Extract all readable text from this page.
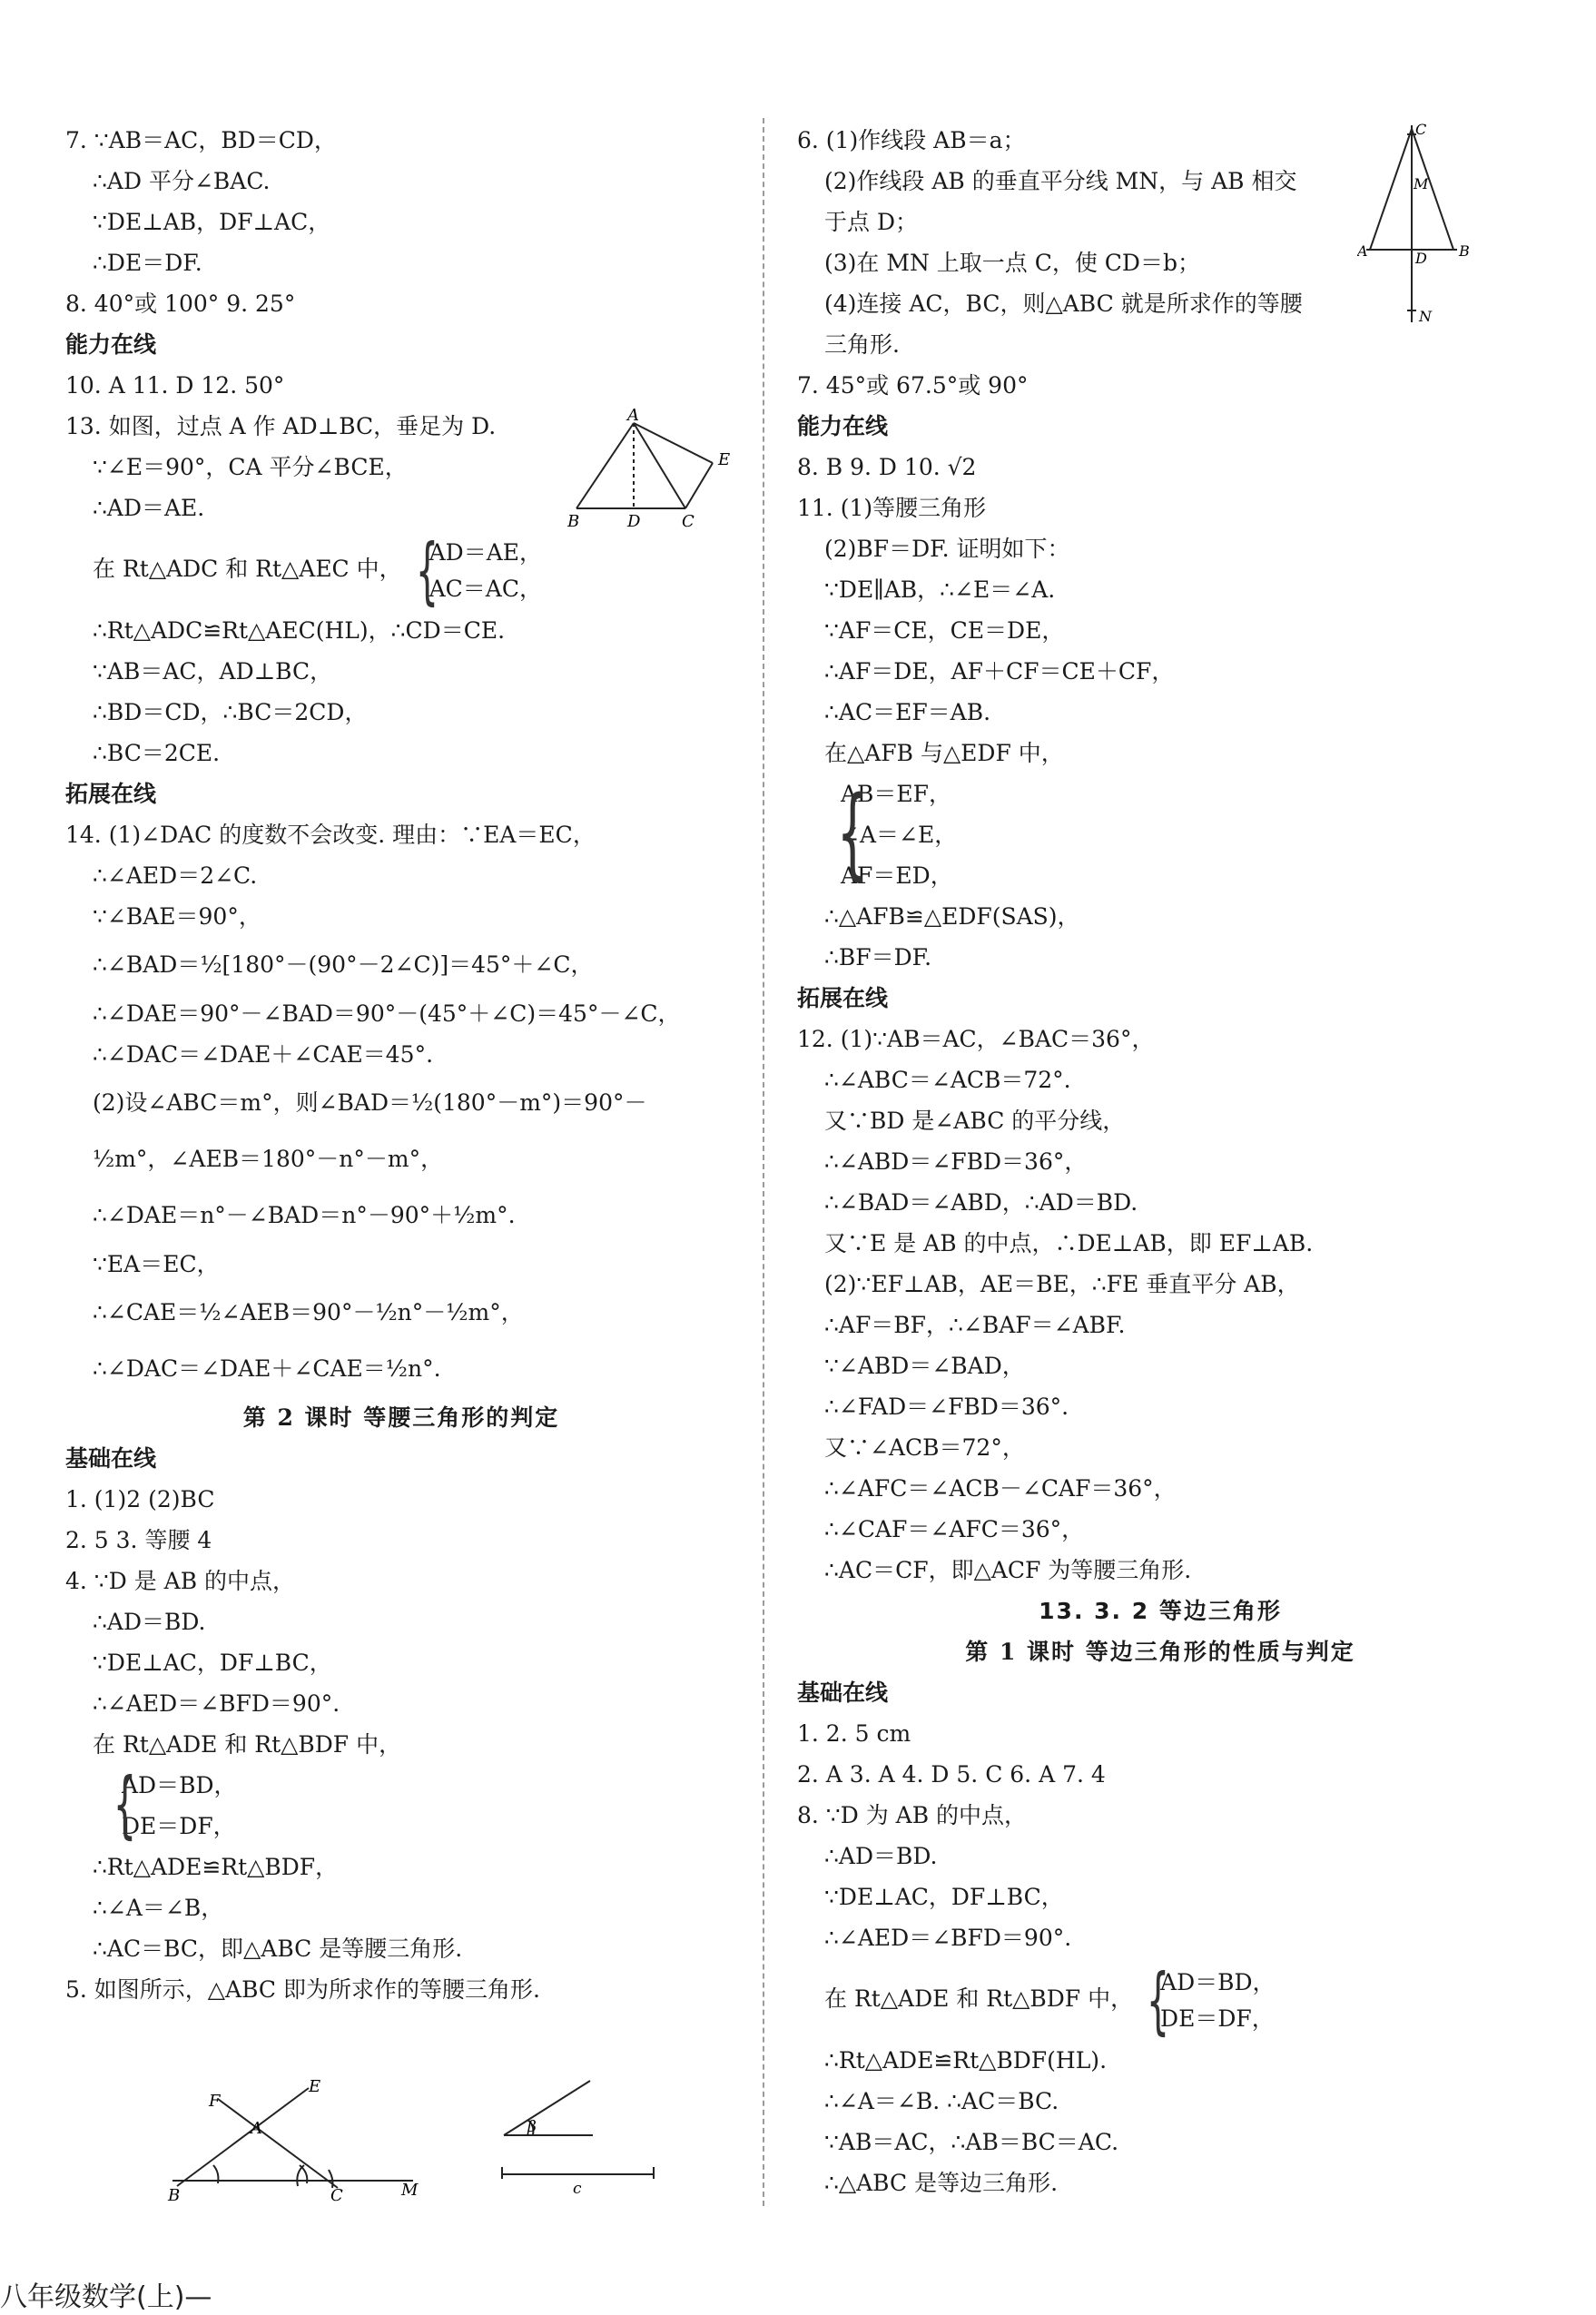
7. ∵AB＝AC，BD＝CD，
∴AD 平分∠BAC.
∵DE⊥AB，DF⊥AC，
∴DE＝DF.
8. 40°或 100° 9. 25°
能力在线
10. A 11. D 12. 50°
13. 如图，过点 A 作 AD⊥BC，垂足为 D.
∵∠E＝90°，CA 平分∠BCE，
∴AD＝AE.
在 Rt△ADC 和 Rt△AEC 中， {
AD＝AE，
AC＝AC，
∴Rt△ADC≌Rt△AEC(HL)，∴CD＝CE.
∵AB＝AC，AD⊥BC，
∴BD＝CD，∴BC＝2CD，
∴BC＝2CE.
拓展在线
14. (1)∠DAC 的度数不会改变. 理由：∵EA＝EC，
∴∠AED＝2∠C.
∵∠BAE＝90°，
∴∠BAD＝½[180°－(90°－2∠C)]＝45°＋∠C，
∴∠DAE＝90°－∠BAD＝90°－(45°＋∠C)＝45°－∠C，
∴∠DAC＝∠DAE＋∠CAE＝45°.
(2)设∠ABC＝m°，则∠BAD＝½(180°－m°)＝90°－
½m°，∠AEB＝180°－n°－m°，
∴∠DAE＝n°－∠BAD＝n°－90°＋½m°.
∵EA＝EC，
∴∠CAE＝½∠AEB＝90°－½n°－½m°，
∴∠DAC＝∠DAE＋∠CAE＝½n°.
第 2 课时 等腰三角形的判定
基础在线
1. (1)2 (2)BC
2. 5 3. 等腰 4
4. ∵D 是 AB 的中点，
∴AD＝BD.
∵DE⊥AC，DF⊥BC，
∴∠AED＝∠BFD＝90°.
在 Rt△ADE 和 Rt△BDF 中，
{
AD＝BD，
DE＝DF，
∴Rt△ADE≌Rt△BDF，
∴∠A＝∠B，
∴AC＝BC，即△ABC 是等腰三角形.
5. 如图所示，△ABC 即为所求作的等腰三角形.
A
E
B	D	C
F
E
A
B	C	M
β
c
6. (1)作线段 AB＝a；
(2)作线段 AB 的垂直平分线 MN，与 AB 相交
于点 D；
(3)在 MN 上取一点 C，使 CD＝b；
(4)连接 AC，BC，则△ABC 就是所求作的等腰
三角形.
7. 45°或 67.5°或 90°
能力在线
8. B 9. D 10. √2
11. (1)等腰三角形
(2)BF＝DF. 证明如下：
∵DE∥AB，∴∠E＝∠A.
∵AF＝CE，CE＝DE，
∴AF＝DE，AF＋CF＝CE＋CF，
∴AC＝EF＝AB.
在△AFB 与△EDF 中，
{
AB＝EF，
∠A＝∠E，
AF＝ED，
∴△AFB≌△EDF(SAS)，
∴BF＝DF.
拓展在线
12. (1)∵AB＝AC，∠BAC＝36°，
∴∠ABC＝∠ACB＝72°.
又∵BD 是∠ABC 的平分线，
∴∠ABD＝∠FBD＝36°，
∴∠BAD＝∠ABD，∴AD＝BD.
又∵E 是 AB 的中点，∴DE⊥AB，即 EF⊥AB.
(2)∵EF⊥AB，AE＝BE，∴FE 垂直平分 AB，
∴AF＝BF，∴∠BAF＝∠ABF.
∵∠ABD＝∠BAD，
∴∠FAD＝∠FBD＝36°.
又∵∠ACB＝72°，
∴∠AFC＝∠ACB－∠CAF＝36°，
∴∠CAF＝∠AFC＝36°，
∴AC＝CF，即△ACF 为等腰三角形.
13. 3. 2 等边三角形
第 1 课时 等边三角形的性质与判定
基础在线
1. 2. 5 cm
2. A 3. A 4. D 5. C 6. A 7. 4
8. ∵D 为 AB 的中点，
∴AD＝BD.
∵DE⊥AC，DF⊥BC，
∴∠AED＝∠BFD＝90°.
在 Rt△ADE 和 Rt△BDF 中， {
AD＝BD，
DE＝DF，
∴Rt△ADE≌Rt△BDF(HL).
∴∠A＝∠B. ∴AC＝BC.
∵AB＝AC，∴AB＝BC＝AC.
∴△ABC 是等边三角形.
C
M
A	D B
N
八年级数学(上)—
